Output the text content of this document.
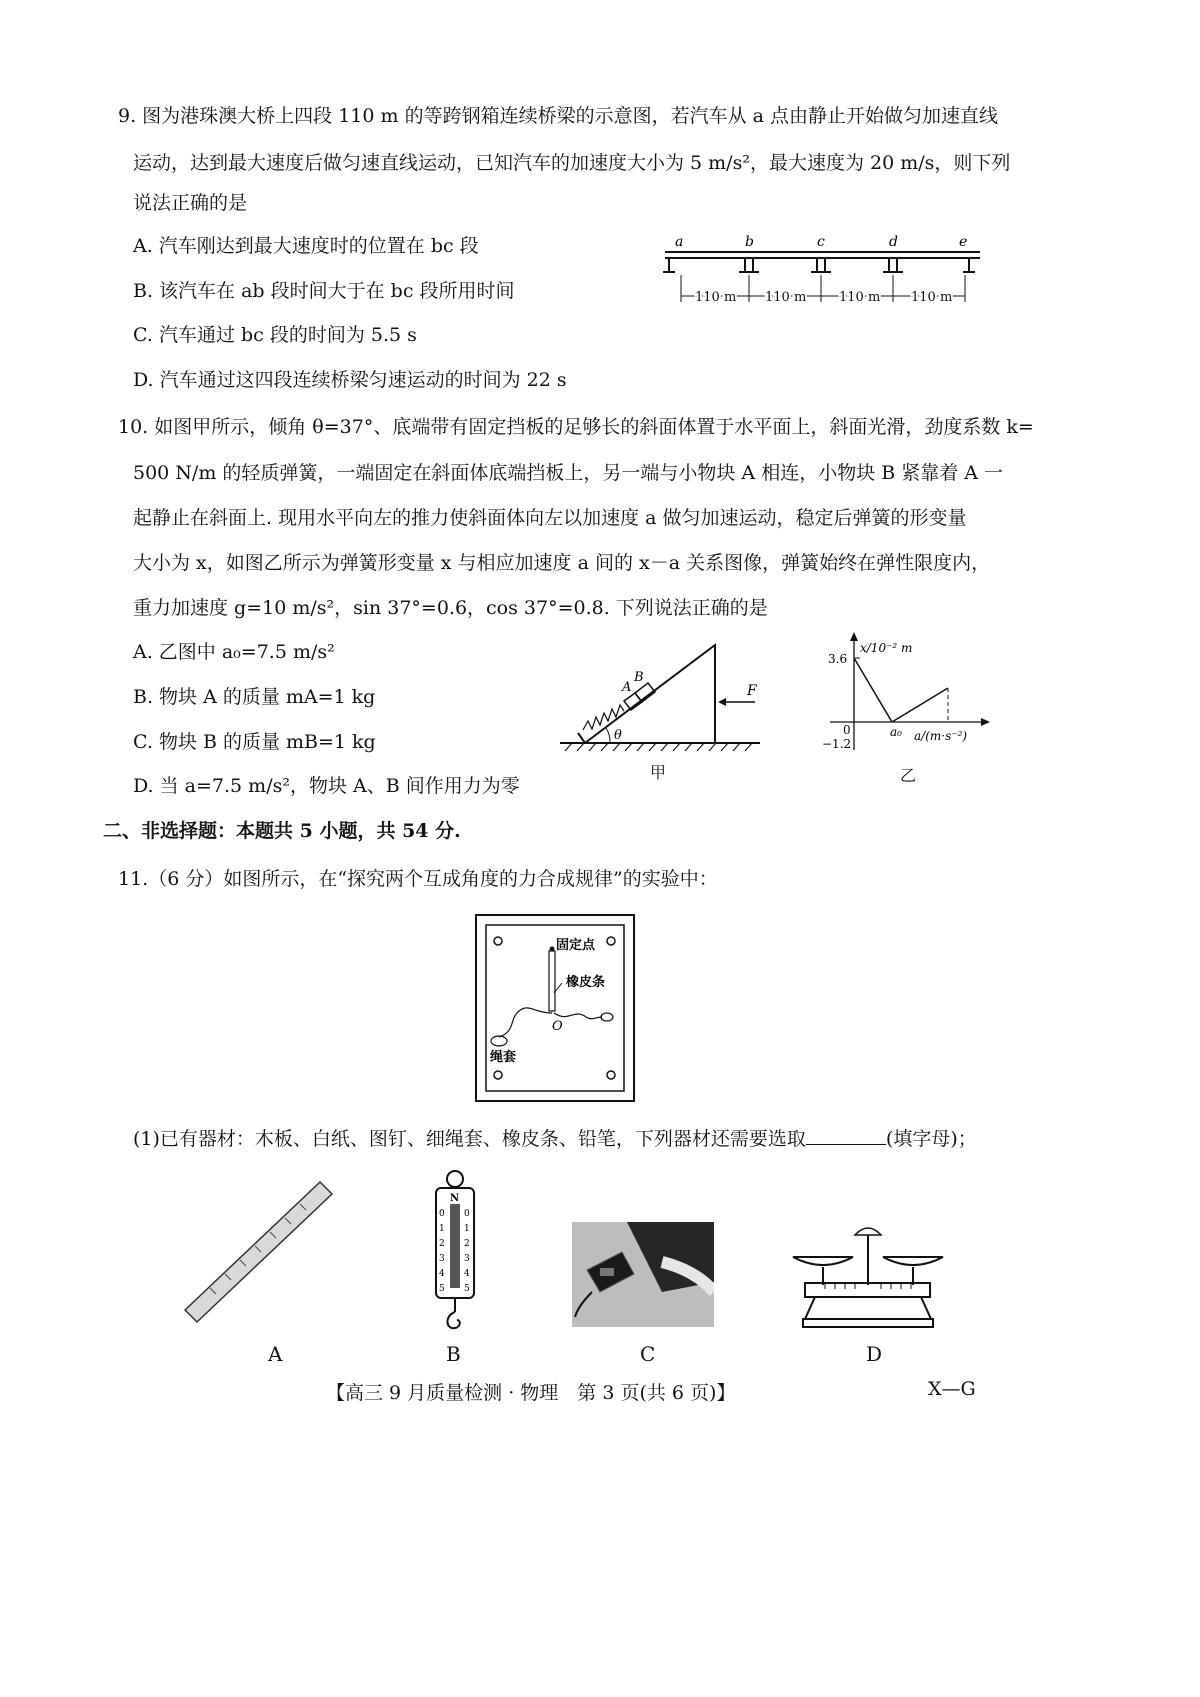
9. 图为港珠澳大桥上四段 110 m 的等跨钢箱连续桥梁的示意图，若汽车从 a 点由静止开始做匀加速直线
运动，达到最大速度后做匀速直线运动，已知汽车的加速度大小为 5 m/s²，最大速度为 20 m/s，则下列
说法正确的是
A. 汽车刚达到最大速度时的位置在 bc 段
B. 该汽车在 ab 段时间大于在 bc 段所用时间
C. 汽车通过 bc 段的时间为 5.5 s
D. 汽车通过这四段连续桥梁匀速运动的时间为 22 s
a	b	c	d	e
110 m 110 m	110 m 110 m
10. 如图甲所示，倾角 θ=37°、底端带有固定挡板的足够长的斜面体置于水平面上，斜面光滑，劲度系数 k=
500 N/m 的轻质弹簧，一端固定在斜面体底端挡板上，另一端与小物块 A 相连，小物块 B 紧靠着 A 一
起静止在斜面上. 现用水平向左的推力使斜面体向左以加速度 a 做匀加速运动，稳定后弹簧的形变量
大小为 x，如图乙所示为弹簧形变量 x 与相应加速度 a 间的 x－a 关系图像，弹簧始终在弹性限度内，
重力加速度 g=10 m/s²，sin 37°=0.6，cos 37°=0.8. 下列说法正确的是
A. 乙图中 a₀=7.5 m/s²
B. 物块 A 的质量 mA=1 kg
C. 物块 B 的质量 mB=1 kg
D. 当 a=7.5 m/s²，物块 A、B 间作用力为零
A
B
θ
F
甲
3.6
0
−1.2
a₀
x/10⁻² m
a/(m·s⁻²)
乙
二、非选择题：本题共 5 小题，共 54 分.
11.（6 分）如图所示，在“探究两个互成角度的力合成规律”的实验中：
固定点
橡皮条
O
绳套
(1)已有器材：木板、白纸、图钉、细绳套、橡皮条、铅笔，下列器材还需要选取	(填字母)；
N
0
1
2
3
4
5
0
1
2
3
4
5
A	B	C	D
【高三 9 月质量检测 · 物理　第 3 页(共 6 页)】	X—G
